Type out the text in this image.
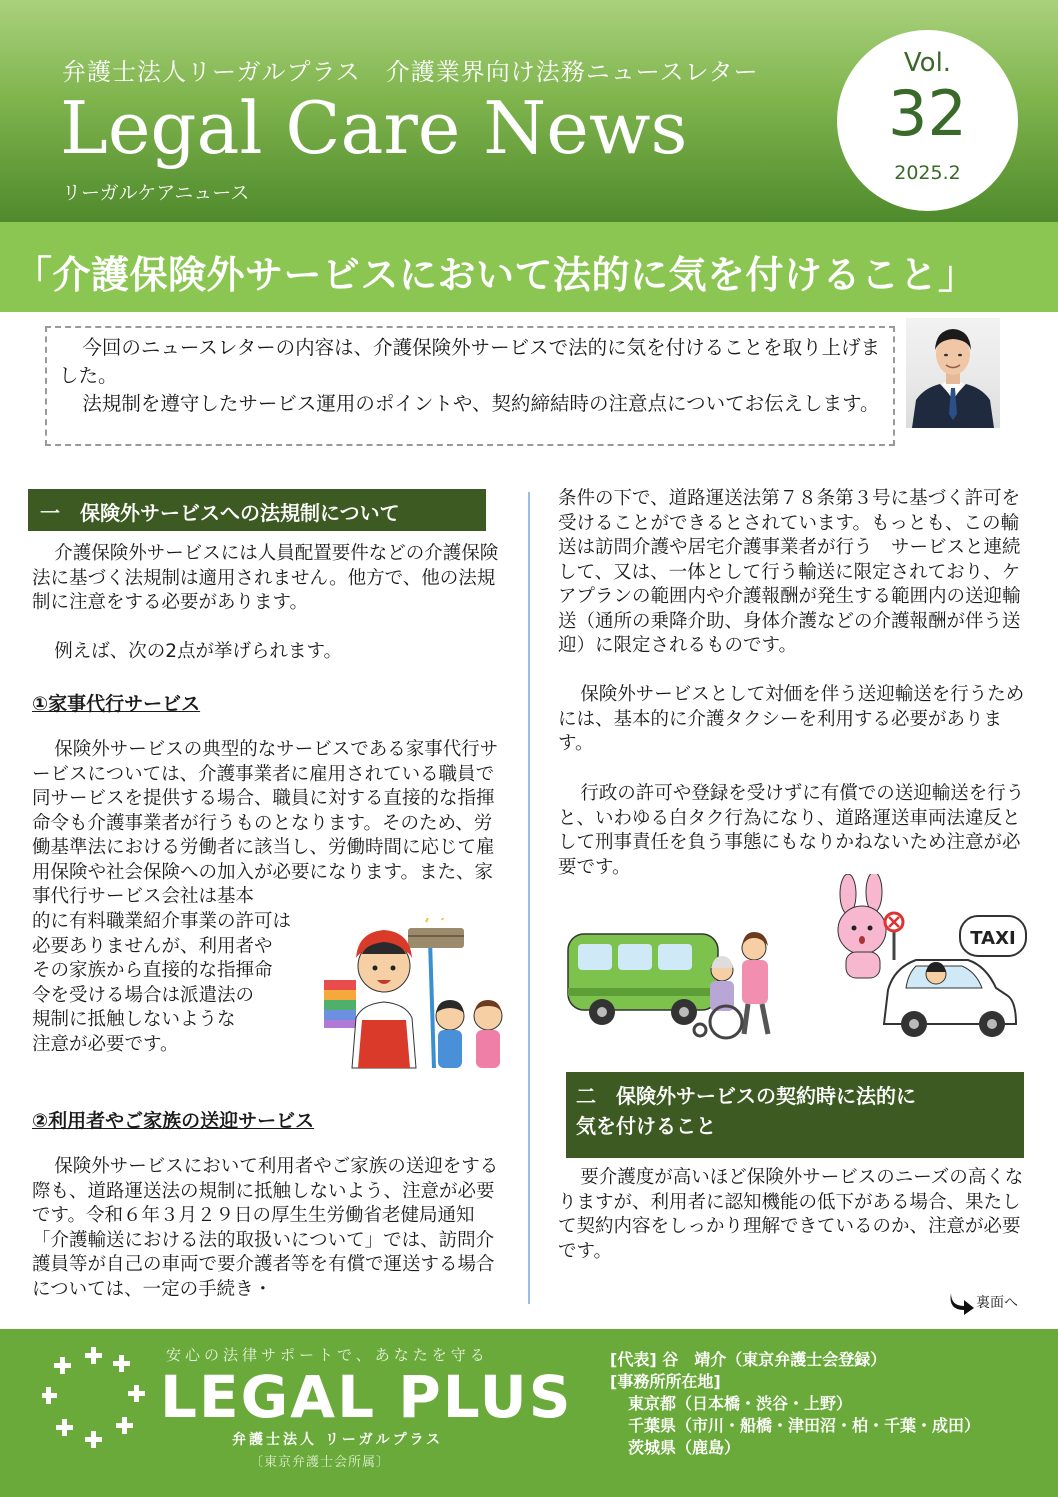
弁護士法人リーガルプラス　介護業界向け法務ニュースレター
Legal Care News
リーガルケアニュース
Vol.
32
2025.2
「介護保険外サービスにおいて法的に気を付けること」

今回のニュースレターの内容は、介護保険外サービスで法的に気を付けることを取り上げました。

法規制を遵守したサービス運用のポイントや、契約締結時の注意点についてお伝えします。

一　保険外サービスへの法規制について

介護保険外サービスには人員配置要件などの介護保険法に基づく法規制は適用されません。他方で、他の法規制に注意をする必要があります。

例えば、次の2点が挙げられます。

①家事代行サービス

保険外サービスの典型的なサービスである家事代行サービスについては、介護事業者に雇用されている職員で同サービスを提供する場合、職員に対する直接的な指揮命令も介護事業者が行うものとなります。そのため、労働基準法における労働者に該当し、労働時間に応じて雇用保険や社会保険への加入が必要になります。また、家事代行サービス会社は基本

的に有料職業紹介事業の許可は
必要ありませんが、利用者や
その家族から直接的な指揮命
令を受ける場合は派遣法の
規制に抵触しないような
注意が必要です。
②利用者やご家族の送迎サービス

保険外サービスにおいて利用者やご家族の送迎をする際も、道路運送法の規制に抵触しないよう、注意が必要です。令和６年３月２９日の厚生生労働省老健局通知「介護輸送における法的取扱いについて」では、訪問介護員等が自己の車両で要介護者等を有償で運送する場合については、一定の手続き・

条件の下で、道路運送法第７８条第３号に基づく許可を受けることができるとされています。もっとも、この輸送は訪問介護や居宅介護事業者が行う　サービスと連続して、又は、一体として行う輸送に限定されており、ケアプランの範囲内や介護報酬が発生する範囲内の送迎輸送（通所の乗降介助、身体介護などの介護報酬が伴う送迎）に限定されるものです。

保険外サービスとして対価を伴う送迎輸送を行うためには、基本的に介護タクシーを利用する必要があります。

行政の許可や登録を受けずに有償での送迎輸送を行うと、いわゆる白タク行為になり、道路運送車両法違反として刑事責任を負う事態にもなりかねないため注意が必要です。

TAXI
二　保険外サービスの契約時に法的に
気を付けること

要介護度が高いほど保険外サービスのニーズの高くなりますが、利用者に認知機能の低下がある場合、果たして契約内容をしっかり理解できているのか、注意が必要です。

裏面へ
安心の法律サポートで、あなたを守る
LEGAL PLUS
弁護士法人 リーガルプラス
〔東京弁護士会所属〕
[代表] 谷　靖介（東京弁護士会登録）
[事務所所在地]
東京都（日本橋・渋谷・上野）
千葉県（市川・船橋・津田沼・柏・千葉・成田）
茨城県（鹿島）
